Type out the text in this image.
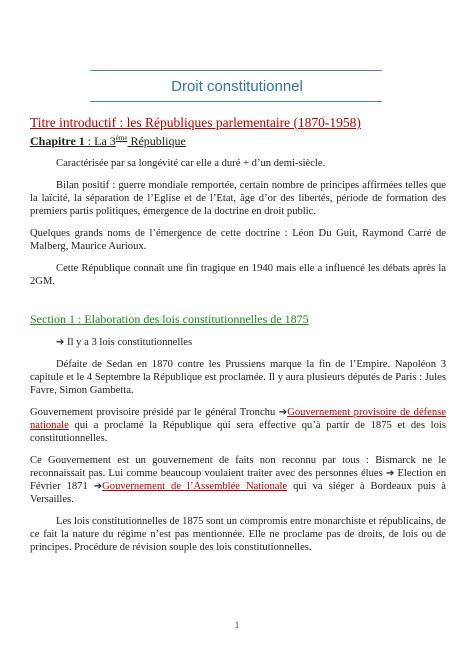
Droit constitutionnel

Titre introductif : les Républiques parlementaire (1870-1958)

Chapitre 1 : La 3ème République

Caractérisée par sa longévité car elle a duré + d’un demi-siècle.

Bilan positif : guerre mondiale remportée, certain nombre de principes affirmées telles que la laïcité, la séparation de l’Eglise et de l’Etat, âge d’or des libertés, période de formation des premiers partis politiques, émergence de la doctrine en droit public.

Quelques grands noms de l’émergence de cette doctrine : Léon Du Guit, Raymond Carré de Malberg, Maurice Aurioux.

Cette République connaît une fin tragique en 1940 mais elle a influencé les débats après la 2GM.

Section 1 : Elaboration des lois constitutionnelles de 1875

➔ Il y a 3 lois constitutionnelles

Défaite de Sedan en 1870 contre les Prussiens marque la fin de l’Empire. Napoléon 3 capitule et le 4 Septembre la République est proclamée. Il y aura plusieurs députés de Paris : Jules Favre, Simon Gambetta.

Gouvernement provisoire présidé par le général Tronchu ➔Gouvernement provisoire de défense nationale qui a proclamé la République qui sera effective qu’à partir de 1875 et des lois constitutionnelles.

Ce Gouvernement est un gouvernement de faits non reconnu par tous : Bismarck ne le reconnaissait pas. Lui comme beaucoup voulaient traiter avec des personnes élues ➔ Election en Février 1871 ➔Gouvernement de l’Assemblée Nationale qui va siéger à Bordeaux puis à Versailles.

Les lois constitutionnelles de 1875 sont un compromis entre monarchiste et républicains, de ce fait la nature du régime n’est pas mentionnée. Elle ne proclame pas de droits, de lois ou de principes. Procédure de révision souple des lois constitutionnelles.

1
